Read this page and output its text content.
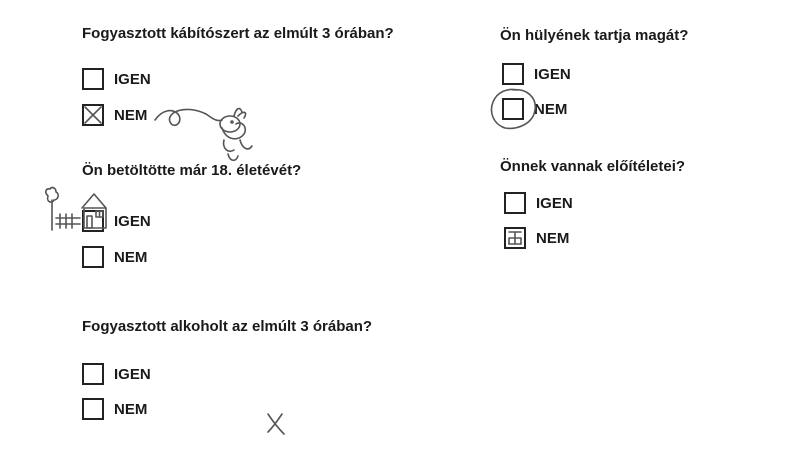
Fogyasztott kábítószert az elmúlt 3 órában?
IGEN
NEM
Ön betöltötte már 18. életévét?
IGEN
NEM
Fogyasztott alkoholt az elmúlt 3 órában?
IGEN
NEM
Ön hülyének tartja magát?
IGEN
NEM
Önnek vannak előítéletei?
IGEN
NEM
